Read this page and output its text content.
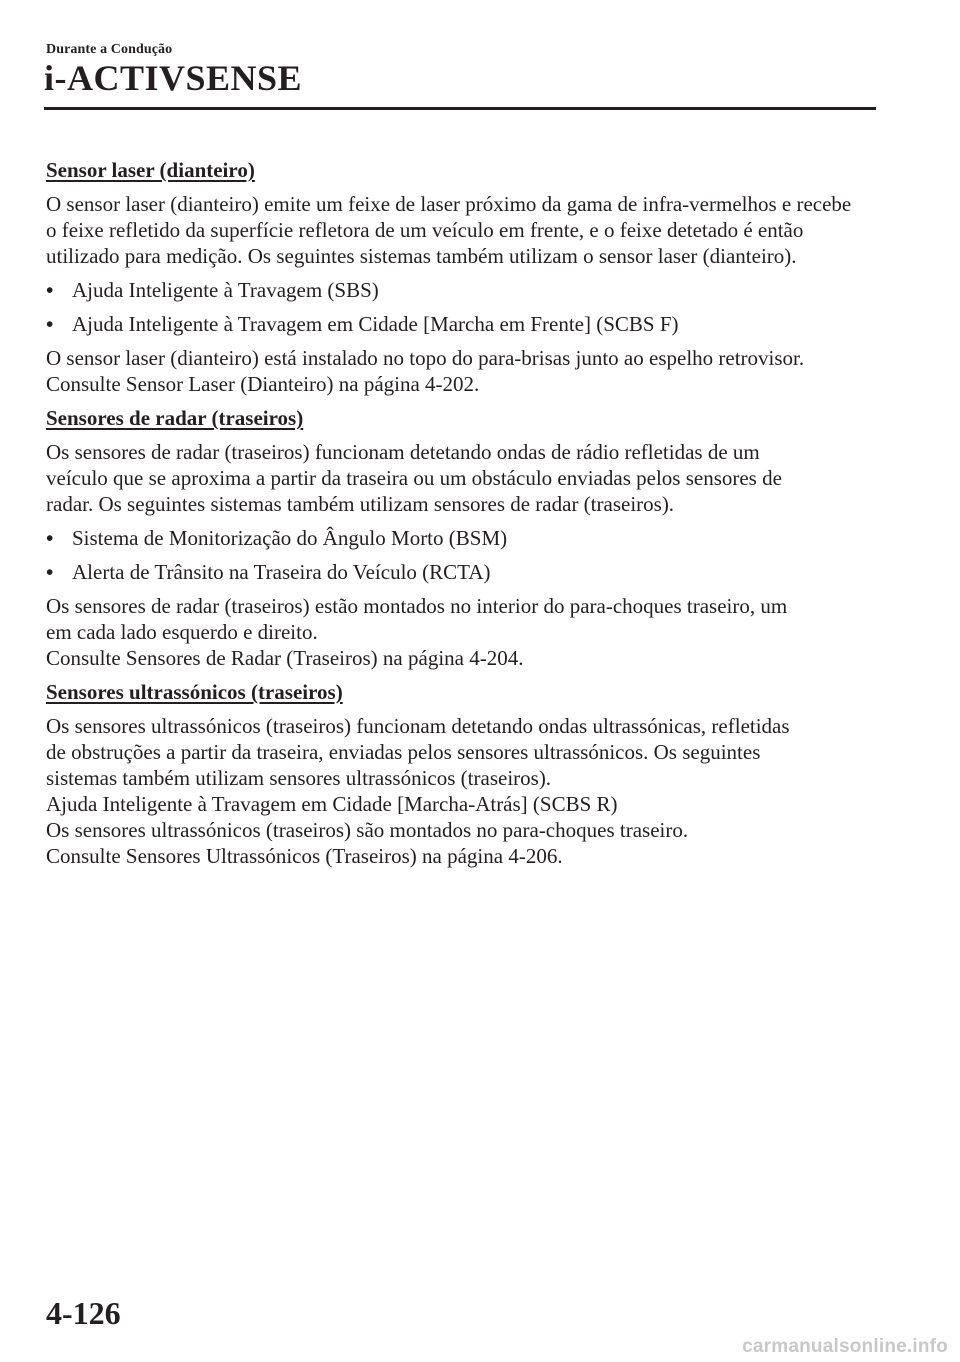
Durante a Condução
i-ACTIVSENSE
Sensor laser (dianteiro)
O sensor laser (dianteiro) emite um feixe de laser próximo da gama de infra-vermelhos e recebe
o feixe refletido da superfície refletora de um veículo em frente, e o feixe detetado é então
utilizado para medição. Os seguintes sistemas também utilizam o sensor laser (dianteiro).
• Ajuda Inteligente à Travagem (SBS)
• Ajuda Inteligente à Travagem em Cidade [Marcha em Frente] (SCBS F)
O sensor laser (dianteiro) está instalado no topo do para-brisas junto ao espelho retrovisor.
Consulte Sensor Laser (Dianteiro) na página 4-202.
Sensores de radar (traseiros)
Os sensores de radar (traseiros) funcionam detetando ondas de rádio refletidas de um
veículo que se aproxima a partir da traseira ou um obstáculo enviadas pelos sensores de
radar. Os seguintes sistemas também utilizam sensores de radar (traseiros).
• Sistema de Monitorização do Ângulo Morto (BSM)
• Alerta de Trânsito na Traseira do Veículo (RCTA)
Os sensores de radar (traseiros) estão montados no interior do para-choques traseiro, um
em cada lado esquerdo e direito.
Consulte Sensores de Radar (Traseiros) na página 4-204.
Sensores ultrassónicos (traseiros)
Os sensores ultrassónicos (traseiros) funcionam detetando ondas ultrassónicas, refletidas
de obstruções a partir da traseira, enviadas pelos sensores ultrassónicos. Os seguintes
sistemas também utilizam sensores ultrassónicos (traseiros).
Ajuda Inteligente à Travagem em Cidade [Marcha-Atrás] (SCBS R)
Os sensores ultrassónicos (traseiros) são montados no para-choques traseiro.
Consulte Sensores Ultrassónicos (Traseiros) na página 4-206.
4-126
carmanualsonline.info
